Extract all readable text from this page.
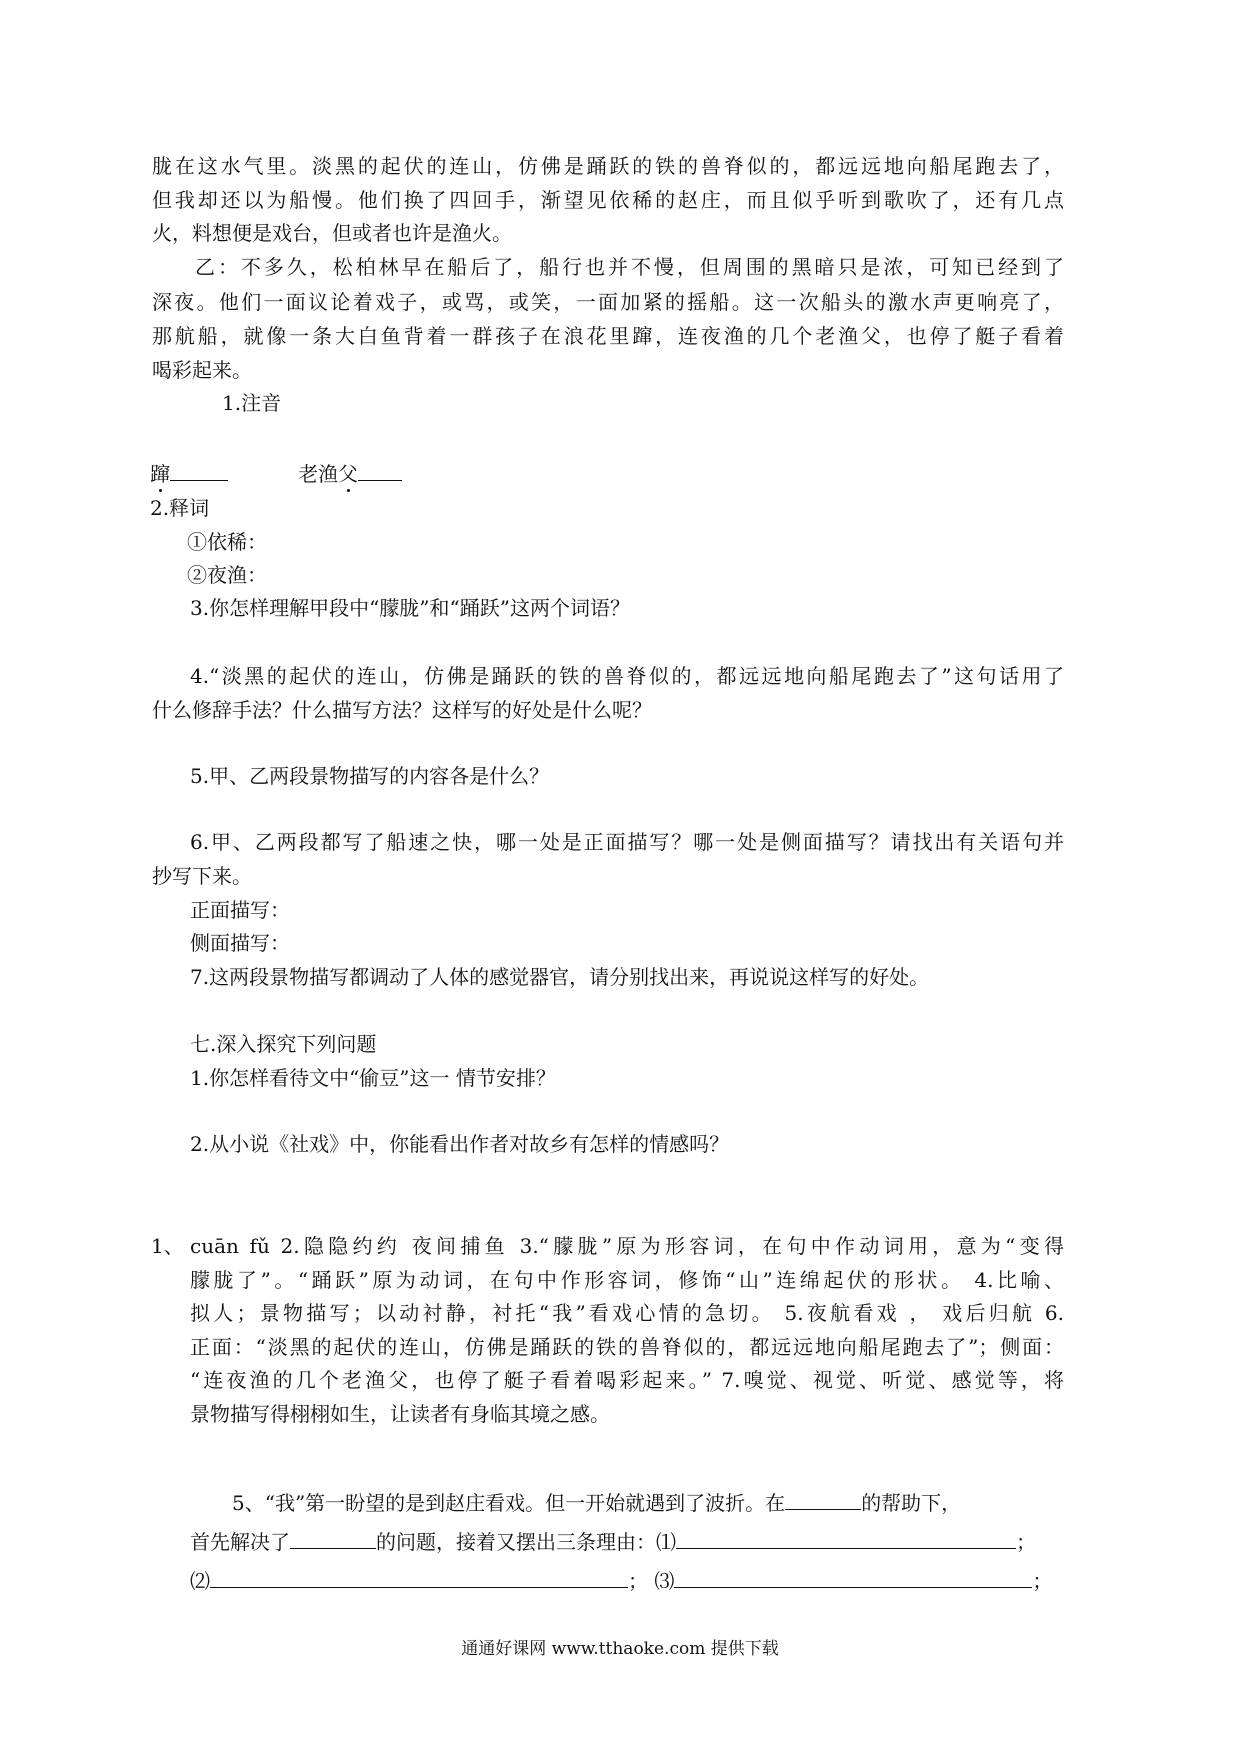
胧在这水气里。淡黑的起伏的连山，仿佛是踊跃的铁的兽脊似的，都远远地向船尾跑去了，
但我却还以为船慢。他们换了四回手，渐望见依稀的赵庄，而且似乎听到歌吹了，还有几点
火，料想便是戏台，但或者也许是渔火。
乙：不多久，松柏林早在船后了，船行也并不慢，但周围的黑暗只是浓，可知已经到了
深夜。他们一面议论着戏子，或骂，或笑，一面加紧的摇船。这一次船头的激水声更响亮了，
那航船，就像一条大白鱼背着一群孩子在浪花里蹿，连夜渔的几个老渔父，也停了艇子看着
喝彩起来。
1.注音
蹿	老渔父
2.释词
①依稀：
②夜渔：
3.你怎样理解甲段中“朦胧”和“踊跃”这两个词语？
4.“淡黑的起伏的连山，仿佛是踊跃的铁的兽脊似的，都远远地向船尾跑去了”这句话用了
什么修辞手法？什么描写方法？这样写的好处是什么呢？
5.甲、乙两段景物描写的内容各是什么？
6.甲、乙两段都写了船速之快，哪一处是正面描写？哪一处是侧面描写？请找出有关语句并
抄写下来。
正面描写：
侧面描写：
7.这两段景物描写都调动了人体的感觉器官，请分别找出来，再说说这样写的好处。
七.深入探究下列问题
1.你怎样看待文中“偷豆”这一 情节安排？
2.从小说《社戏》中，你能看出作者对故乡有怎样的情感吗？
1、 cuān fǔ 2.隐隐约约 夜间捕鱼 3.“朦胧”原为形容词，在句中作动词用，意为“变得
朦胧了”。“踊跃”原为动词，在句中作形容词，修饰“山”连绵起伏的形状。 4.比喻、
拟人；景物描写；以动衬静，衬托“我”看戏心情的急切。 5.夜航看戏 ， 戏后归航 6.
正面：“淡黑的起伏的连山，仿佛是踊跃的铁的兽脊似的，都远远地向船尾跑去了”；侧面：
“连夜渔的几个老渔父，也停了艇子看着喝彩起来。” 7.嗅觉、视觉、听觉、感觉等，将
景物描写得栩栩如生，让读者有身临其境之感。
5、“我”第一盼望的是到赵庄看戏。但一开始就遇到了波折。在	的帮助下，
首先解决了	的问题，接着又摆出三条理由：⑴	；
⑵	； ⑶	；
通通好课网 www.tthaoke.com 提供下载
